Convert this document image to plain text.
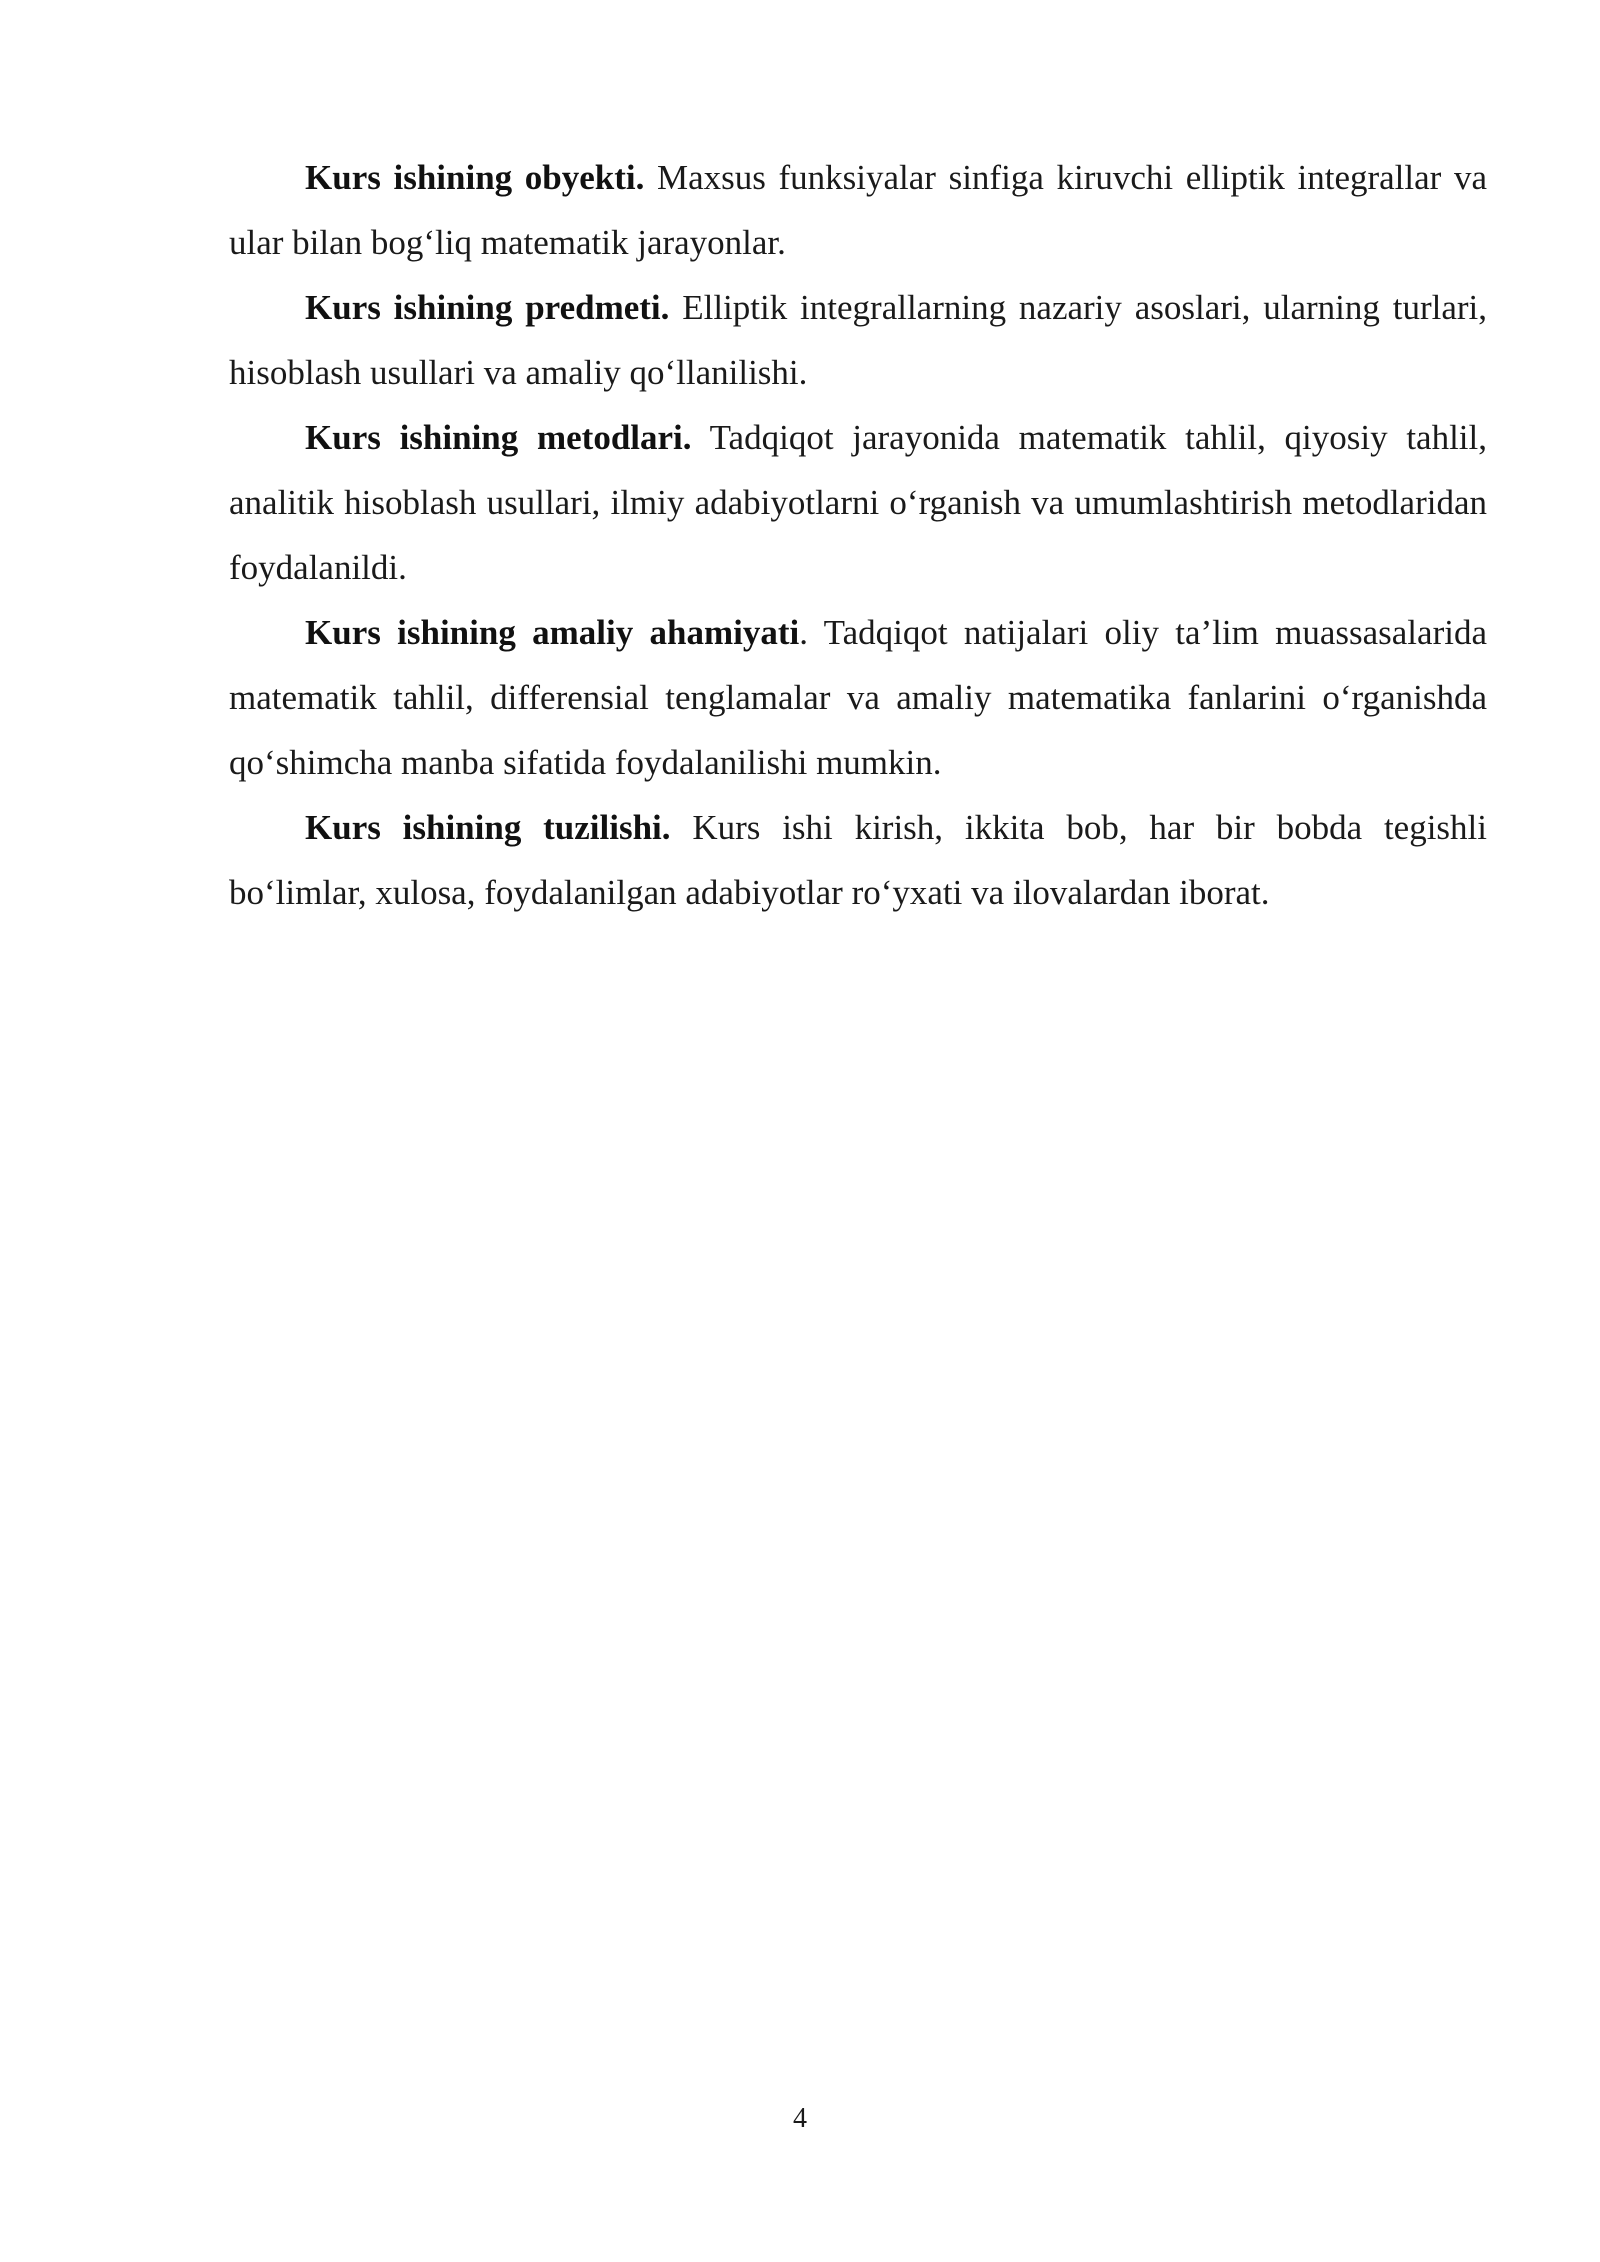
Kurs ishining obyekti. Maxsus funksiyalar sinfiga kiruvchi elliptik integrallar va ular bilan bog‘liq matematik jarayonlar.

Kurs ishining predmeti. Elliptik integrallarning nazariy asoslari, ularning turlari, hisoblash usullari va amaliy qo‘llanilishi.

Kurs ishining metodlari. Tadqiqot jarayonida matematik tahlil, qiyosiy tahlil, analitik hisoblash usullari, ilmiy adabiyotlarni o‘rganish va umumlashtirish metodlaridan foydalanildi.

Kurs ishining amaliy ahamiyati. Tadqiqot natijalari oliy ta’lim muassasalarida matematik tahlil, differensial tenglamalar va amaliy matematika fanlarini o‘rganishda qo‘shimcha manba sifatida foydalanilishi mumkin.

Kurs ishining tuzilishi. Kurs ishi kirish, ikkita bob, har bir bobda tegishli bo‘limlar, xulosa, foydalanilgan adabiyotlar ro‘yxati va ilovalardan iborat.

4
